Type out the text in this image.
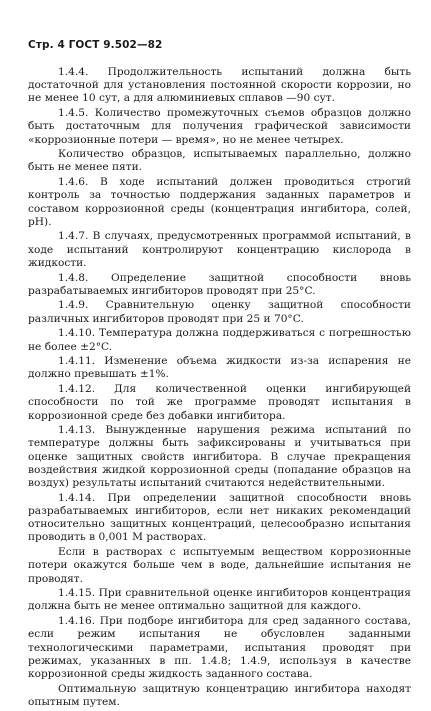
Стр. 4 ГОСТ 9.502—82

1.4.4. Продолжительность испытаний должна быть достаточной для установления постоянной скорости коррозии, но не менее 10 сут, а для алюминиевых сплавов —90 сут.

1.4.5. Количество промежуточных съемов образцов должно быть достаточным для получения графической зависимости «коррозионные потери — время», но не менее четырех.

Количество образцов, испытываемых параллельно, должно быть не менее пяти.

1.4.6. В ходе испытаний должен проводиться строгий контроль за точностью поддержания заданных параметров и составом коррозионной среды (концентрация ингибитора, солей, pH).

1.4.7. В случаях, предусмотренных программой испытаний, в ходе испытаний контролируют концентрацию кислорода в жидкости.

1.4.8. Определение защитной способности вновь разрабатываемых ингибиторов проводят при 25°C.

1.4.9. Сравнительную оценку защитной способности различных ингибиторов проводят при 25 и 70°C.

1.4.10. Температура должна поддерживаться с погрешностью не более ±2°C.

1.4.11. Изменение объема жидкости из-за испарения не должно превышать ±1%.

1.4.12. Для количественной оценки ингибирующей способности по той же программе проводят испытания в коррозионной среде без добавки ингибитора.

1.4.13. Вынужденные нарушения режима испытаний по температуре должны быть зафиксированы и учитываться при оценке защитных свойств ингибитора. В случае прекращения воздействия жидкой коррозионной среды (попадание образцов на воздух) результаты испытаний считаются недействительными.

1.4.14. При определении защитной способности вновь разрабатываемых ингибиторов, если нет никаких рекомендаций относительно защитных концентраций, целесообразно испытания проводить в 0,001 М растворах.

Если в растворах с испытуемым веществом коррозионные потери окажутся больше чем в воде, дальнейшие испытания не проводят.

1.4.15. При сравнительной оценке ингибиторов концентрация должна быть не менее оптимально защитной для каждого.

1.4.16. При подборе ингибитора для сред заданного состава, если режим испытания не обусловлен заданными технологическими параметрами, испытания проводят при режимах, указанных в пп. 1.4.8; 1.4.9, используя в качестве коррозионной среды жидкость заданного состава.

Оптимальную защитную концентрацию ингибитора находят опытным путем.
